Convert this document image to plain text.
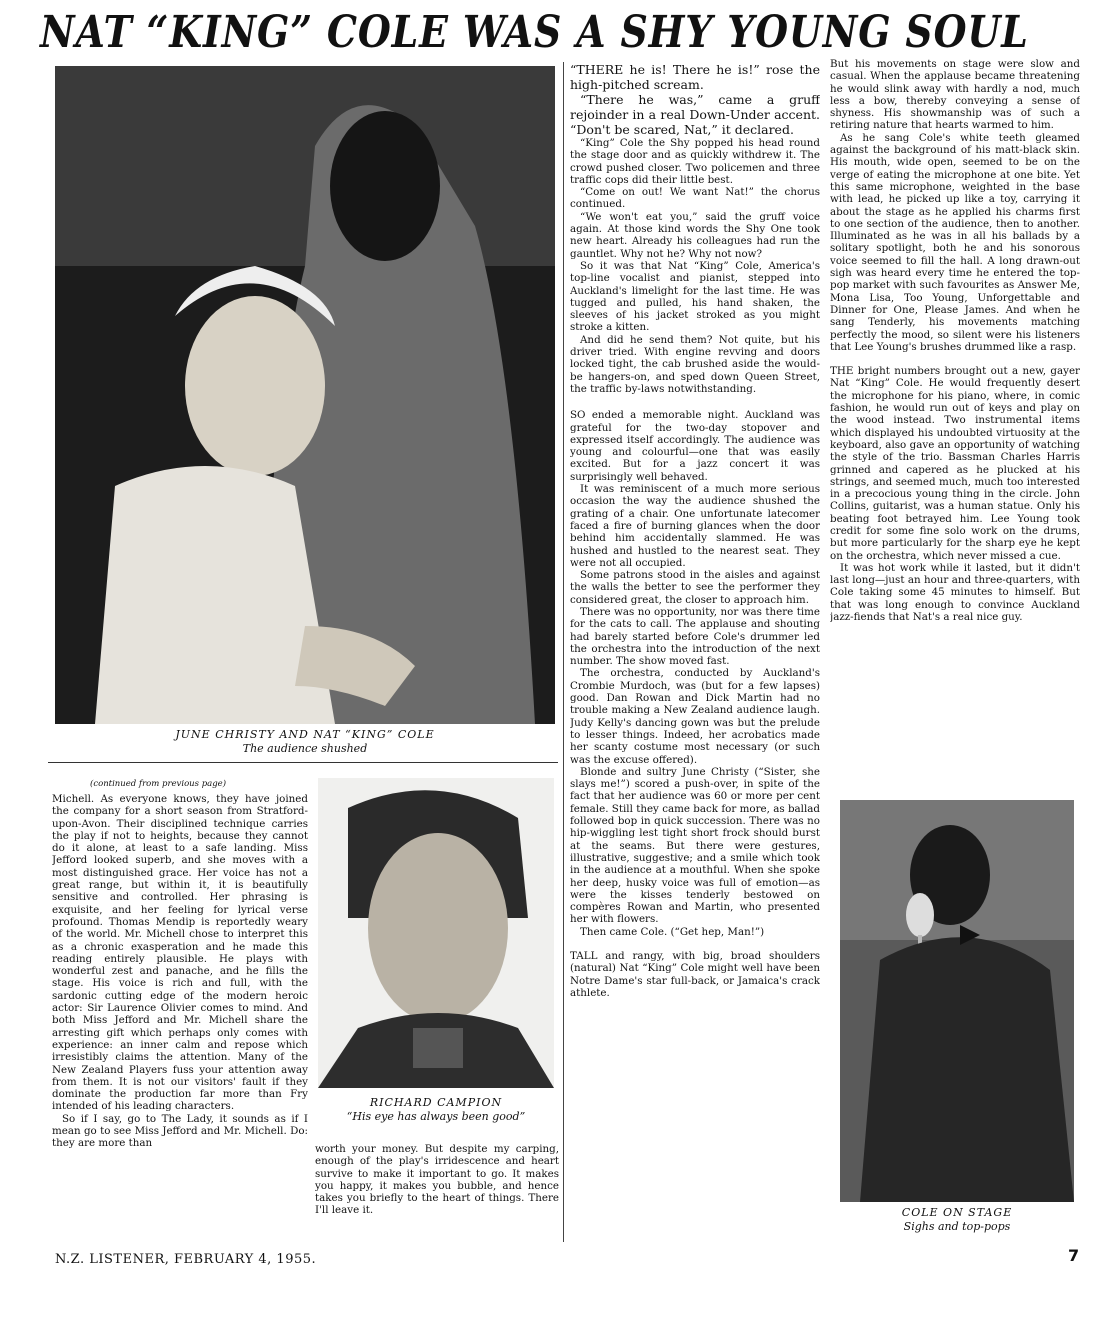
NAT “KING” COLE WAS A SHY YOUNG SOUL
JUNE CHRISTY AND NAT “KING” COLE
The audience shushed
(continued from previous page)

Michell. As everyone knows, they have joined the company for a short season from Stratford-upon-Avon. Their disciplined technique carries the play if not to heights, because they cannot do it alone, at least to a safe landing. Miss Jefford looked superb, and she moves with a most distinguished grace. Her voice has not a great range, but within it, it is beautifully sensitive and controlled. Her phrasing is exquisite, and her feeling for lyrical verse profound. Thomas Mendip is reportedly weary of the world. Mr. Michell chose to interpret this as a chronic exasperation and he made this reading entirely plausible. He plays with wonderful zest and panache, and he fills the stage. His voice is rich and full, with the sardonic cutting edge of the modern heroic actor: Sir Laurence Olivier comes to mind. And both Miss Jefford and Mr. Michell share the arresting gift which perhaps only comes with experience: an inner calm and repose which irresistibly claims the attention. Many of the New Zealand Players fuss your attention away from them. It is not our visitors' fault if they dominate the production far more than Fry intended of his leading characters.

So if I say, go to The Lady, it sounds as if I mean go to see Miss Jefford and Mr. Michell. Do: they are more than

RICHARD CAMPION
“His eye has always been good”

worth your money. But despite my carping, enough of the play's irridescence and heart survive to make it important to go. It makes you happy, it makes you bubble, and hence takes you briefly to the heart of things. There I'll leave it.

“THERE he is! There he is!” rose the high-pitched scream.

“There he was,” came a gruff rejoinder in a real Down-Under accent. “Don't be scared, Nat,” it declared.

“King” Cole the Shy popped his head round the stage door and as quickly withdrew it. The crowd pushed closer. Two policemen and three traffic cops did their little best.

“Come on out! We want Nat!” the chorus continued.

“We won't eat you,” said the gruff voice again. At those kind words the Shy One took new heart. Already his colleagues had run the gauntlet. Why not he? Why not now?

So it was that Nat “King” Cole, America's top-line vocalist and pianist, stepped into Auckland's limelight for the last time. He was tugged and pulled, his hand shaken, the sleeves of his jacket stroked as you might stroke a kitten.

And did he send them? Not quite, but his driver tried. With engine revving and doors locked tight, the cab brushed aside the would-be hangers-on, and sped down Queen Street, the traffic by-laws notwithstanding.

SO ended a memorable night. Auckland was grateful for the two-day stopover and expressed itself accordingly. The audience was young and colourful—one that was easily excited. But for a jazz concert it was surprisingly well behaved.

It was reminiscent of a much more serious occasion the way the audience shushed the grating of a chair. One unfortunate latecomer faced a fire of burning glances when the door behind him accidentally slammed. He was hushed and hustled to the nearest seat. They were not all occupied.

Some patrons stood in the aisles and against the walls the better to see the performer they considered great, the closer to approach him.

There was no opportunity, nor was there time for the cats to call. The applause and shouting had barely started before Cole's drummer led the orchestra into the introduction of the next number. The show moved fast.

The orchestra, conducted by Auckland's Crombie Murdoch, was (but for a few lapses) good. Dan Rowan and Dick Martin had no trouble making a New Zealand audience laugh. Judy Kelly's dancing gown was but the prelude to lesser things. Indeed, her acrobatics made her scanty costume most necessary (or such was the excuse offered).

Blonde and sultry June Christy (“Sister, she slays me!”) scored a push-over, in spite of the fact that her audience was 60 or more per cent female. Still they came back for more, as ballad followed bop in quick succession. There was no hip-wiggling lest tight short frock should burst at the seams. But there were gestures, illustrative, suggestive; and a smile which took in the audience at a mouthful. When she spoke her deep, husky voice was full of emotion—as were the kisses tenderly bestowed on compères Rowan and Martin, who presented her with flowers.

Then came Cole. (“Get hep, Man!”)

TALL and rangy, with big, broad shoulders (natural) Nat “King” Cole might well have been Notre Dame's star full-back, or Jamaica's crack athlete.

But his movements on stage were slow and casual. When the applause became threatening he would slink away with hardly a nod, much less a bow, thereby conveying a sense of shyness. His showmanship was of such a retiring nature that hearts warmed to him.

As he sang Cole's white teeth gleamed against the background of his matt-black skin. His mouth, wide open, seemed to be on the verge of eating the microphone at one bite. Yet this same microphone, weighted in the base with lead, he picked up like a toy, carrying it about the stage as he applied his charms first to one section of the audience, then to another. Illuminated as he was in all his ballads by a solitary spotlight, both he and his sonorous voice seemed to fill the hall. A long drawn-out sigh was heard every time he entered the top-pop market with such favourites as Answer Me, Mona Lisa, Too Young, Unforgettable and Dinner for One, Please James. And when he sang Tenderly, his movements matching perfectly the mood, so silent were his listeners that Lee Young's brushes drummed like a rasp.

THE bright numbers brought out a new, gayer Nat “King” Cole. He would frequently desert the microphone for his piano, where, in comic fashion, he would run out of keys and play on the wood instead. Two instrumental items which displayed his undoubted virtuosity at the keyboard, also gave an opportunity of watching the style of the trio. Bassman Charles Harris grinned and capered as he plucked at his strings, and seemed much, much too interested in a precocious young thing in the circle. John Collins, guitarist, was a human statue. Only his beating foot betrayed him. Lee Young took credit for some fine solo work on the drums, but more particularly for the sharp eye he kept on the orchestra, which never missed a cue.

It was hot work while it lasted, but it didn't last long—just an hour and three-quarters, with Cole taking some 45 minutes to himself. But that was long enough to convince Auckland jazz-fiends that Nat's a real nice guy.

COLE ON STAGE
Sighs and top-pops
N.Z. LISTENER, FEBRUARY 4, 1955.	7
